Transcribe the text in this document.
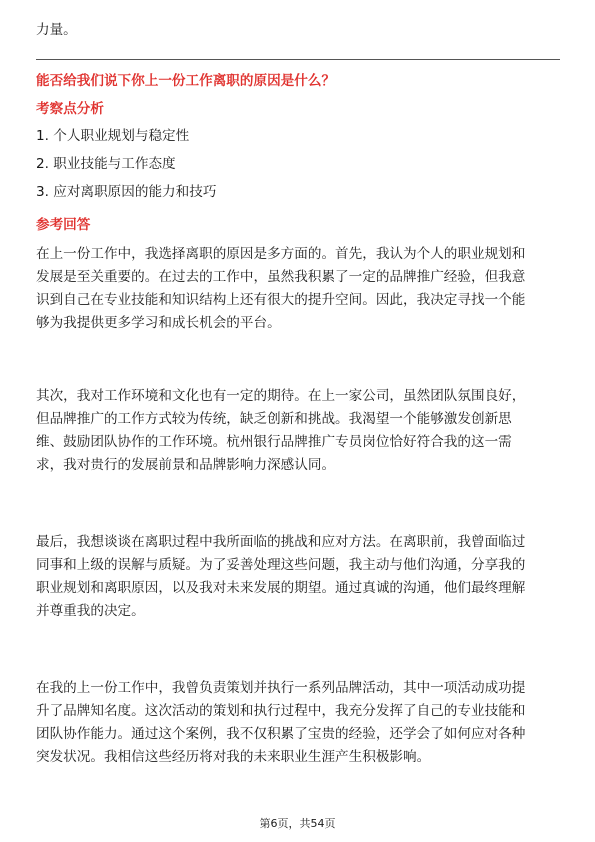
力量。

能否给我们说下你上一份工作离职的原因是什么？

考察点分析

1. 个人职业规划与稳定性

2. 职业技能与工作态度

3. 应对离职原因的能力和技巧

参考回答

在上一份工作中，我选择离职的原因是多方面的。首先，我认为个人的职业规划和
发展是至关重要的。在过去的工作中，虽然我积累了一定的品牌推广经验，但我意
识到自己在专业技能和知识结构上还有很大的提升空间。因此，我决定寻找一个能
够为我提供更多学习和成长机会的平台。
其次，我对工作环境和文化也有一定的期待。在上一家公司，虽然团队氛围良好，
但品牌推广的工作方式较为传统，缺乏创新和挑战。我渴望一个能够激发创新思
维、鼓励团队协作的工作环境。杭州银行品牌推广专员岗位恰好符合我的这一需
求，我对贵行的发展前景和品牌影响力深感认同。
最后，我想谈谈在离职过程中我所面临的挑战和应对方法。在离职前，我曾面临过
同事和上级的误解与质疑。为了妥善处理这些问题，我主动与他们沟通，分享我的
职业规划和离职原因，以及我对未来发展的期望。通过真诚的沟通，他们最终理解
并尊重我的决定。
在我的上一份工作中，我曾负责策划并执行一系列品牌活动，其中一项活动成功提
升了品牌知名度。这次活动的策划和执行过程中，我充分发挥了自己的专业技能和
团队协作能力。通过这个案例，我不仅积累了宝贵的经验，还学会了如何应对各种
突发状况。我相信这些经历将对我的未来职业生涯产生积极影响。
第6页，共54页
